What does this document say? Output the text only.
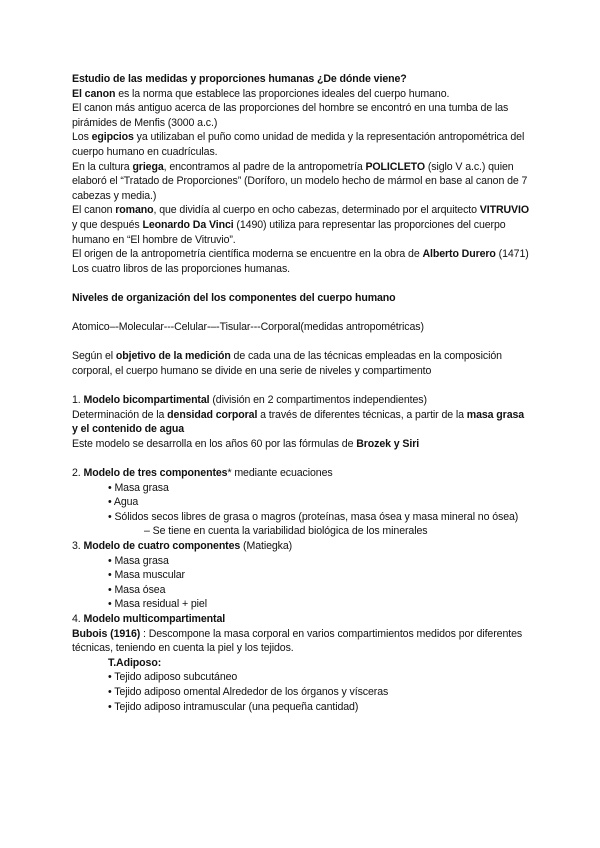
Estudio de las medidas y proporciones humanas ¿De dónde viene?

El canon es la norma que establece las proporciones ideales del cuerpo humano.

El canon más antiguo acerca de las proporciones del hombre se encontró en una tumba de las pirámides de Menfis (3000 a.c.)

Los egipcios ya utilizaban el puño como unidad de medida y la representación antropométrica del cuerpo humano en cuadrículas.

En la cultura griega, encontramos al padre de la antropometría POLICLETO (siglo V a.c.) quien elaboró el “Tratado de Proporciones” (Doríforo, un modelo hecho de mármol en base al canon de 7 cabezas y media.)

El canon romano, que dividía al cuerpo en ocho cabezas, determinado por el arquitecto VITRUVIO y que después Leonardo Da Vinci (1490) utiliza para representar las proporciones del cuerpo humano en “El hombre de Vitruvio”.

El origen de la antropometría científica moderna se encuentre en la obra de Alberto Durero (1471) Los cuatro libros de las proporciones humanas.

Niveles de organización del los componentes del cuerpo humano

Atomico–-Molecular---Celular-–-Tisular---Corporal(medidas antropométricas)

Según el objetivo de la medición de cada una de las técnicas empleadas en la composición corporal, el cuerpo humano se divide en una serie de niveles y compartimento

1. Modelo bicompartimental (división en 2 compartimentos independientes)

Determinación de la densidad corporal a través de diferentes técnicas, a partir de la masa grasa y el contenido de agua

Este modelo se desarrolla en los años 60 por las fórmulas de Brozek y Siri

2. Modelo de tres componentes* mediante ecuaciones

• Masa grasa

• Agua

• Sólidos secos libres de grasa o magros (proteínas, masa ósea y masa mineral no ósea)

– Se tiene en cuenta la variabilidad biológica de los minerales

3. Modelo de cuatro componentes (Matiegka)

• Masa grasa

• Masa muscular

• Masa ósea

• Masa residual + piel

4. Modelo multicompartimental

Bubois (1916) : Descompone la masa corporal en varios compartimientos medidos por diferentes técnicas, teniendo en cuenta la piel y los tejidos.

T.Adiposo:

• Tejido adiposo subcutáneo

• Tejido adiposo omental Alrededor de los órganos y vísceras

• Tejido adiposo intramuscular (una pequeña cantidad)
